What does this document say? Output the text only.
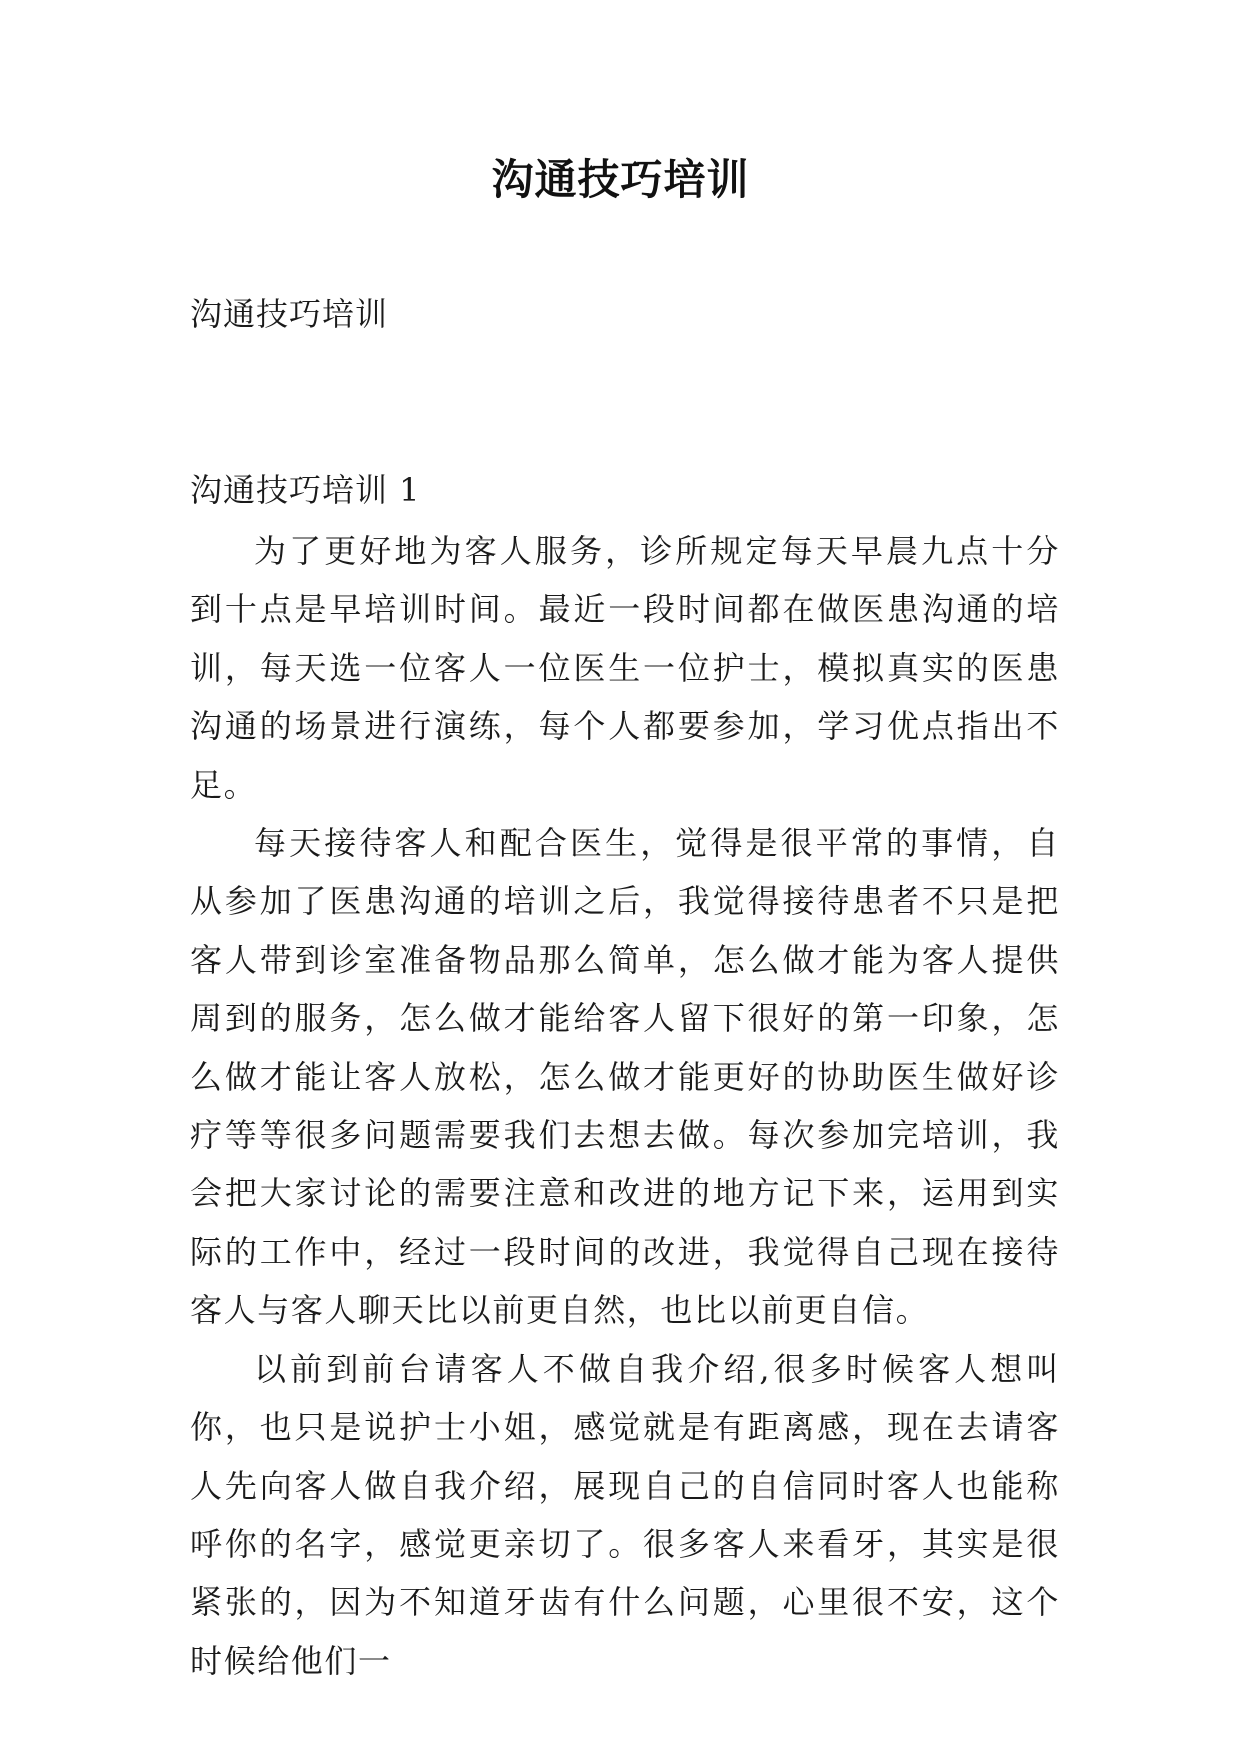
沟通技巧培训
沟通技巧培训
沟通技巧培训 1

为了更好地为客人服务，诊所规定每天早晨九点十分到十点是早培训时间。最近一段时间都在做医患沟通的培训，每天选一位客人一位医生一位护士，模拟真实的医患沟通的场景进行演练，每个人都要参加，学习优点指出不足。

每天接待客人和配合医生，觉得是很平常的事情，自从参加了医患沟通的培训之后，我觉得接待患者不只是把客人带到诊室准备物品那么简单，怎么做才能为客人提供周到的服务，怎么做才能给客人留下很好的第一印象，怎么做才能让客人放松，怎么做才能更好的协助医生做好诊疗等等很多问题需要我们去想去做。每次参加完培训，我会把大家讨论的需要注意和改进的地方记下来，运用到实际的工作中，经过一段时间的改进，我觉得自己现在接待客人与客人聊天比以前更自然，也比以前更自信。

以前到前台请客人不做自我介绍,很多时候客人想叫你，也只是说护士小姐，感觉就是有距离感，现在去请客人先向客人做自我介绍，展现自己的自信同时客人也能称呼你的名字，感觉更亲切了。很多客人来看牙，其实是很紧张的，因为不知道牙齿有什么问题，心里很不安，这个时候给他们一
